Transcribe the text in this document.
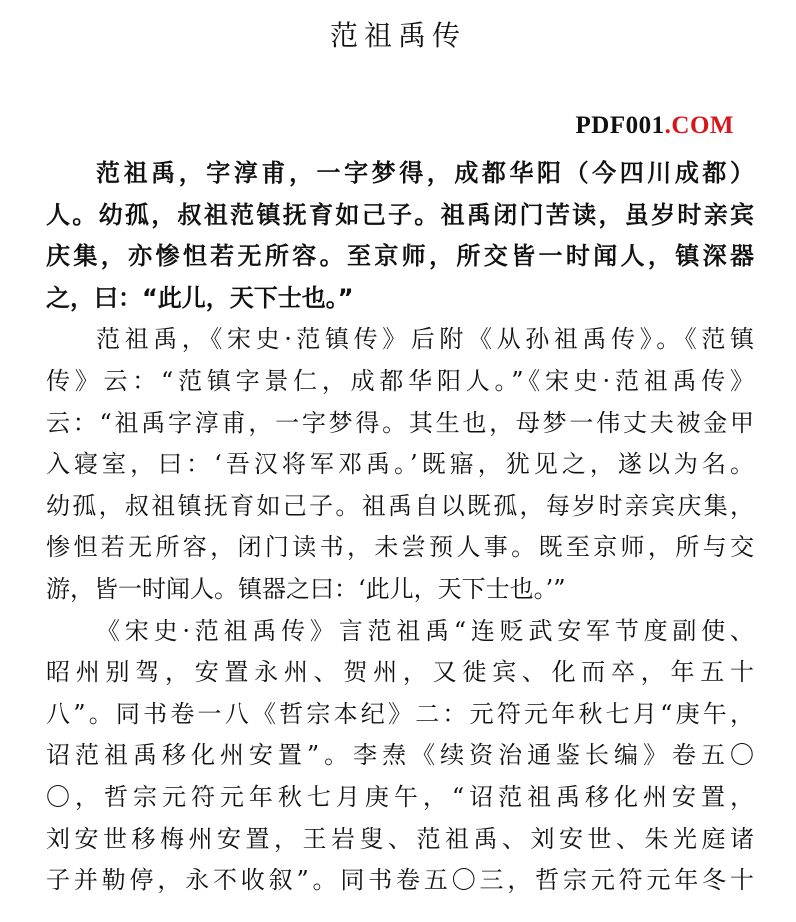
范祖禹传
PDF001.COM
范祖禹，字淳甫，一字梦得，成都华阳（今四川成都）
人。幼孤，叔祖范镇抚育如己子。祖禹闭门苦读，虽岁时亲宾
庆集，亦惨怛若无所容。至京师，所交皆一时闻人，镇深器
之，曰：“此儿，天下士也。”
范祖禹，《宋史·范镇传》后附《从孙祖禹传》。《范镇
传》云：“范镇字景仁，成都华阳人。”《宋史·范祖禹传》
云：“祖禹字淳甫，一字梦得。其生也，母梦一伟丈夫被金甲
入寝室，曰：‘吾汉将军邓禹。’既寤，犹见之，遂以为名。
幼孤，叔祖镇抚育如己子。祖禹自以既孤，每岁时亲宾庆集，
惨怛若无所容，闭门读书，未尝预人事。既至京师，所与交
游，皆一时闻人。镇器之曰：‘此儿，天下士也。’”
《宋史·范祖禹传》言范祖禹“连贬武安军节度副使、
昭州别驾，安置永州、贺州，又徙宾、化而卒，年五十
八”。同书卷一八《哲宗本纪》二：元符元年秋七月“庚午，
诏范祖禹移化州安置”。李焘《续资治通鉴长编》卷五〇
〇，哲宗元符元年秋七月庚午，“诏范祖禹移化州安置，
刘安世移梅州安置，王岩叟、范祖禹、刘安世、朱光庭诸
子并勒停，永不收叙”。同书卷五〇三，哲宗元符元年冬十
